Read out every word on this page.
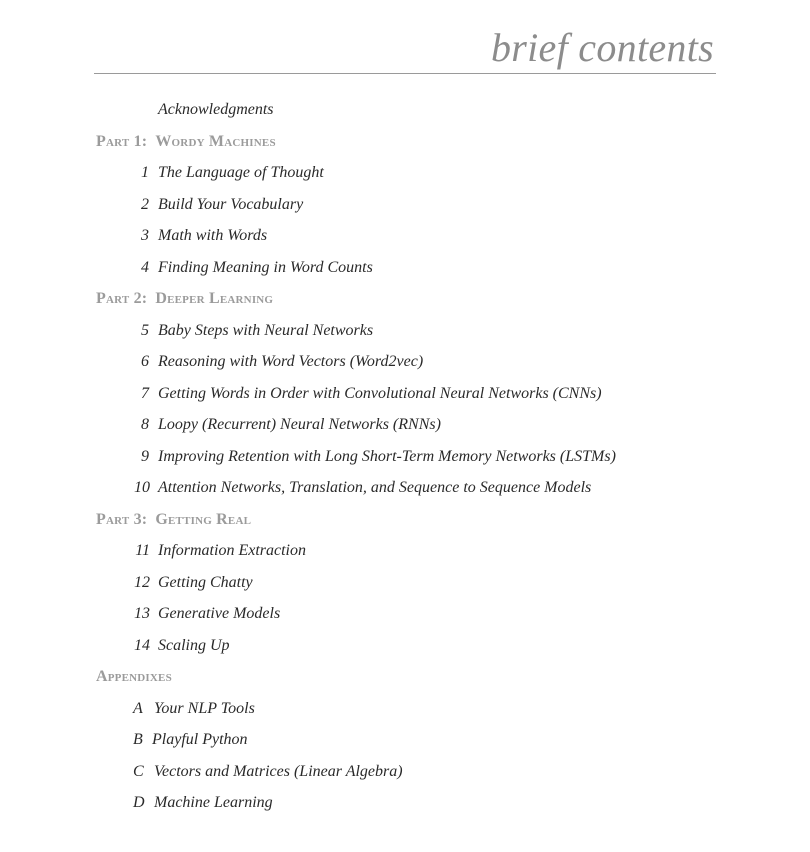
brief contents
Acknowledgments
Part 1: Wordy Machines
1 The Language of Thought
2 Build Your Vocabulary
3 Math with Words
4 Finding Meaning in Word Counts
Part 2: Deeper Learning
5 Baby Steps with Neural Networks
6 Reasoning with Word Vectors (Word2vec)
7 Getting Words in Order with Convolutional Neural Networks (CNNs)
8 Loopy (Recurrent) Neural Networks (RNNs)
9 Improving Retention with Long Short-Term Memory Networks (LSTMs)
10 Attention Networks, Translation, and Sequence to Sequence Models
Part 3: Getting Real
11 Information Extraction
12 Getting Chatty
13 Generative Models
14 Scaling Up
Appendixes
A Your NLP Tools
B Playful Python
C Vectors and Matrices (Linear Algebra)
D Machine Learning
